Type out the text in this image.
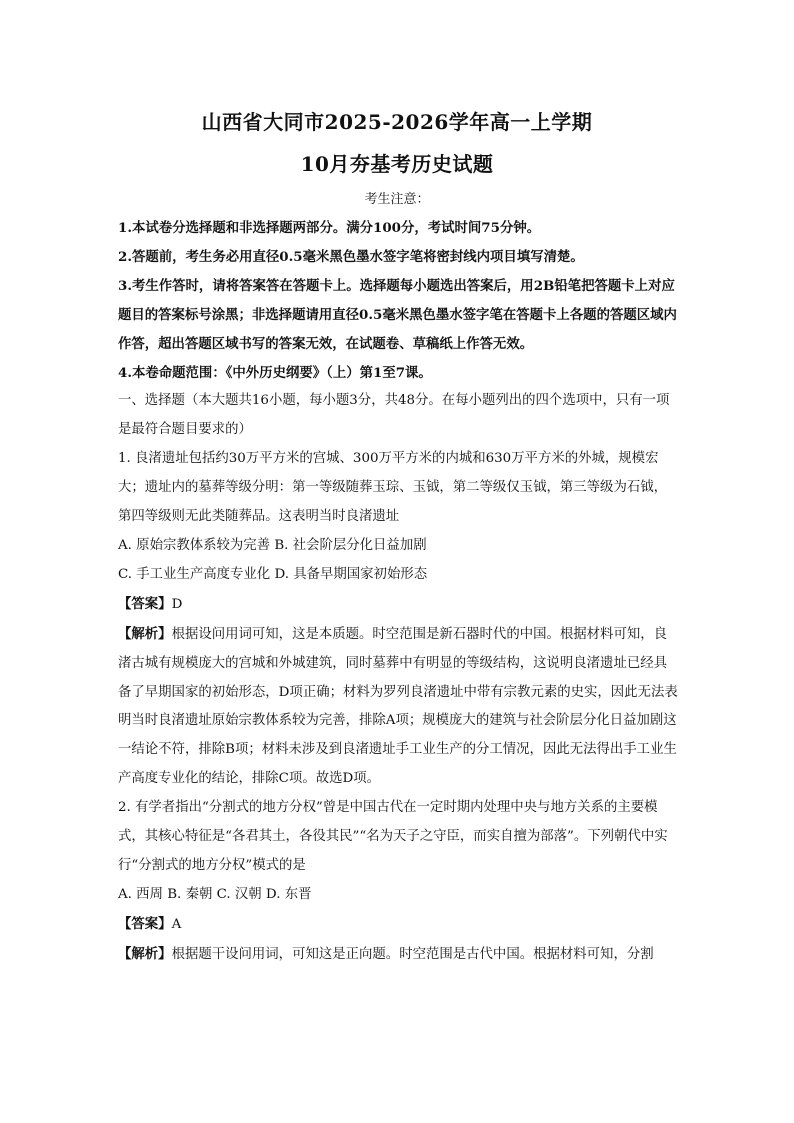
山西省大同市2025-2026学年高一上学期
10月夯基考历史试题
考生注意：

1.本试卷分选择题和非选择题两部分。满分100分，考试时间75分钟。

2.答题前，考生务必用直径0.5毫米黑色墨水签字笔将密封线内项目填写清楚。

3.考生作答时，请将答案答在答题卡上。选择题每小题选出答案后，用2B铅笔把答题卡上对应题目的答案标号涂黑；非选择题请用直径0.5毫米黑色墨水签字笔在答题卡上各题的答题区域内作答，超出答题区域书写的答案无效，在试题卷、草稿纸上作答无效。

4.本卷命题范围：《中外历史纲要》（上）第1至7课。

一、选择题（本大题共16小题，每小题3分，共48分。在每小题列出的四个选项中，只有一项是最符合题目要求的）

1. 良渚遗址包括约30万平方米的宫城、300万平方米的内城和630万平方米的外城，规模宏大；遗址内的墓葬等级分明：第一等级随葬玉琮、玉钺，第二等级仅玉钺，第三等级为石钺，第四等级则无此类随葬品。这表明当时良渚遗址

A. 原始宗教体系较为完善 B. 社会阶层分化日益加剧

C. 手工业生产高度专业化 D. 具备早期国家初始形态

【答案】D

【解析】根据设问用词可知，这是本质题。时空范围是新石器时代的中国。根据材料可知，良渚古城有规模庞大的宫城和外城建筑，同时墓葬中有明显的等级结构，这说明良渚遗址已经具备了早期国家的初始形态，D项正确；材料为罗列良渚遗址中带有宗教元素的史实，因此无法表明当时良渚遗址原始宗教体系较为完善，排除A项；规模庞大的建筑与社会阶层分化日益加剧这一结论不符，排除B项；材料未涉及到良渚遗址手工业生产的分工情况，因此无法得出手工业生产高度专业化的结论，排除C项。故选D项。

2. 有学者指出“分割式的地方分权”曾是中国古代在一定时期内处理中央与地方关系的主要模式，其核心特征是“各君其土，各役其民”“名为天子之守臣，而实自擅为部落”。下列朝代中实行“分割式的地方分权”模式的是

A. 西周 B. 秦朝 C. 汉朝 D. 东晋

【答案】A

【解析】根据题干设问用词，可知这是正向题。时空范围是古代中国。根据材料可知，分割
